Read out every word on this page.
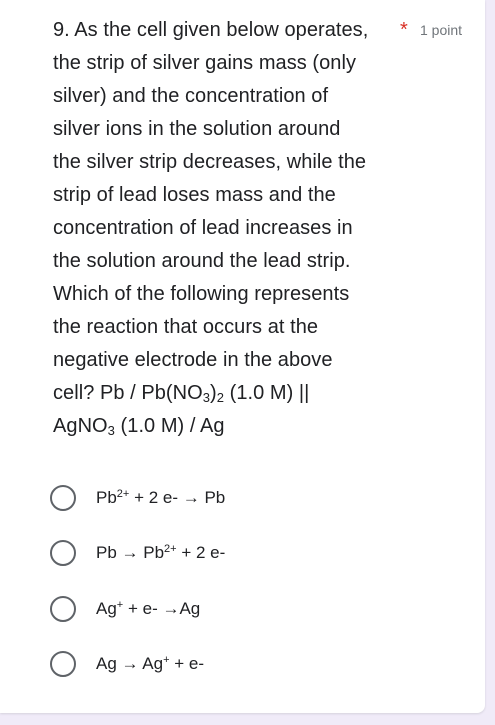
9. As the cell given below operates,
the strip of silver gains mass (only
silver) and the concentration of
silver ions in the solution around
the silver strip decreases, while the
strip of lead loses mass and the
concentration of lead increases in
the solution around the lead strip.
Which of the following represents
the reaction that occurs at the
negative electrode in the above
cell? Pb / $Pb(NO_3)_2$ (1.0 M) ||
AgNO$_3$ (1.0 M) / Ag
* 1 point
$Pb^{2+} + 2$ e- → Pb
$Pb \to Pb^{2+} + 2$ e-
Ag+ + e- →Ag
Ag → Ag+ + e-
